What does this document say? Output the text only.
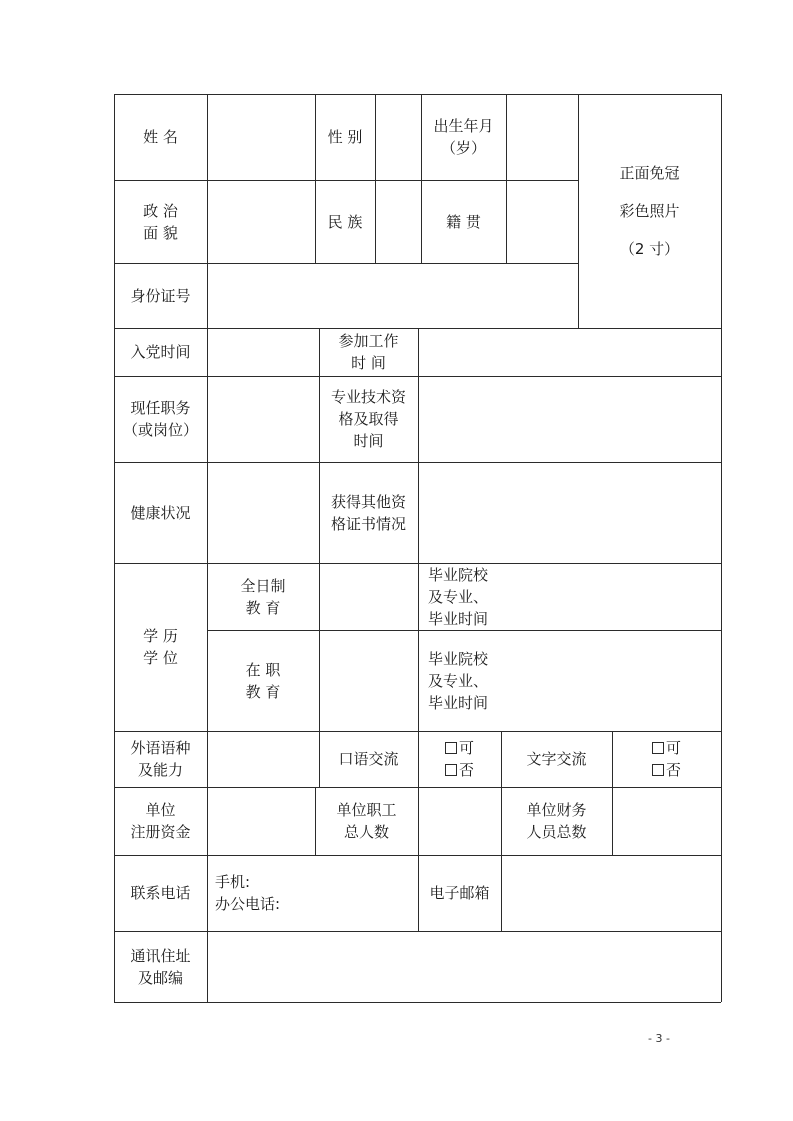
姓 名	性 别
出生年月
（岁）
正面免冠
彩色照片
（2 寸）
政 治
面 貌
民 族	籍 贯
身份证号
入党时间
参加工作
时 间
现任职务
（或岗位）
专业技术资
格及取得
时间
健康状况
获得其他资
格证书情况
学 历
学 位
全日制
教 育
毕业院校
及专业、
毕业时间
在 职
教 育
毕业院校
及专业、
毕业时间
外语语种
及能力
口语交流
可
否
文字交流
可
否
单位
注册资金
单位职工
总人数
单位财务
人员总数
联系电话
手机:
办公电话:
电子邮箱
通讯住址
及邮编
- 3 -
